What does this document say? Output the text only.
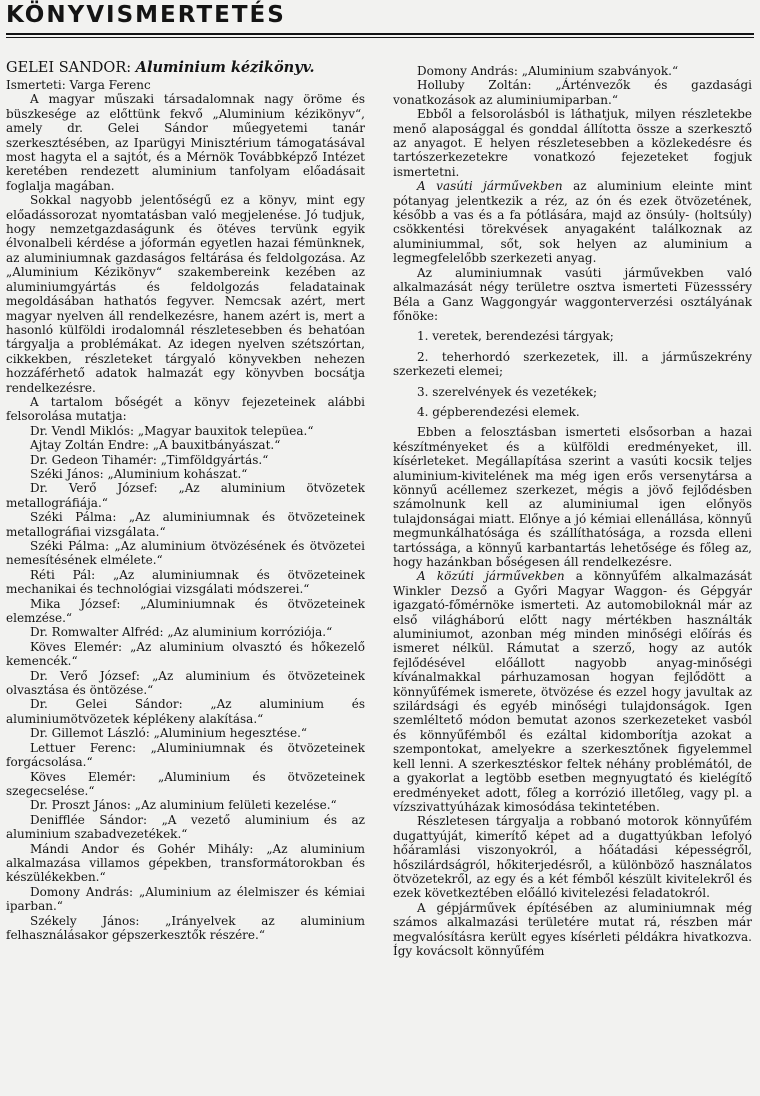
KÖNYVISMERTETÉS

GELEI SÁNDOR: Aluminium kézikönyv.

Ismerteti: Varga Ferenc

A magyar műszaki társadalomnak nagy öröme és büszkesége az előttünk fekvő „Aluminium kézikönyv“, amely dr. Gelei Sándor műegyetemi tanár szerkesztésében, az Iparügyi Minisztérium támogatásával most hagyta el a sajtót, és a Mérnök Továbbképző Intézet keretében rendezett aluminium tanfolyam előadásait foglalja magában.

Sokkal nagyobb jelentőségű ez a könyv, mint egy előadássorozat nyomtatásban való megjelenése. Jó tudjuk, hogy nemzetgazdaságunk és ötéves tervünk egyik élvonalbeli kérdése a jóformán egyetlen hazai fémünknek, az aluminiumnak gazdaságos feltárása és feldolgozása. Az „Aluminium Kézikönyv“ szakembereink kezében az aluminiumgyártás és feldolgozás feladatainak megoldásában hathatós fegyver. Nemcsak azért, mert magyar nyelven áll rendelkezésre, hanem azért is, mert a hasonló külföldi irodalomnál részletesebben és behatóan tárgyalja a problémákat. Az idegen nyelven szétszórtan, cikkekben, részleteket tárgyaló könyvekben nehezen hozzáférhető adatok halmazát egy könyvben bocsátja rendelkezésre.

A tartalom bőségét a könyv fejezeteinek alábbi felsorolása mutatja:

Dr. Vendl Miklós: „Magyar bauxitok telepüea.“

Ajtay Zoltán Endre: „A bauxitbányászat.“

Dr. Gedeon Tihamér: „Timföldgyártás.“

Széki János: „Aluminium kohászat.“

Dr. Verő József: „Az aluminium ötvözetek metallográfiája.“

Széki Pálma: „Az aluminiumnak és ötvözeteinek metallográfiai vizsgálata.“

Széki Pálma: „Az aluminium ötvözésének és ötvözetei nemesítésének elmélete.“

Réti Pál: „Az aluminiumnak és ötvözeteinek mechanikai és technológiai vizsgálati módszerei.“

Mika József: „Aluminiumnak és ötvözeteinek elemzése.“

Dr. Romwalter Alfréd: „Az aluminium korróziója.“

Köves Elemér: „Az aluminium olvasztó és hőkezelő kemencék.“

Dr. Verő József: „Az aluminium és ötvözeteinek olvasztása és öntözése.“

Dr. Gelei Sándor: „Az aluminium és aluminiumötvözetek képlékeny alakítása.“

Dr. Gillemot László: „Aluminium hegesztése.“

Lettuer Ferenc: „Aluminiumnak és ötvözeteinek forgácsolása.“

Köves Elemér: „Aluminium és ötvözeteinek szegecselése.“

Dr. Proszt János: „Az aluminium felületi kezelése.“

Denifflée Sándor: „A vezető aluminium és az aluminium szabadvezetékek.“

Mándi Andor és Gohér Mihály: „Az aluminium alkalmazása villamos gépekben, transformátorokban és készülékekben.“

Domony András: „Aluminium az élelmiszer és kémiai iparban.“

Székely János: „Irányelvek az aluminium felhasználásakor gépszerkesztők részére.“

Domony András: „Aluminium szabványok.“

Holluby Zoltán: „Árténvezők és gazdasági vonatkozások az aluminiumiparban.“

Ebből a felsorolásból is láthatjuk, milyen részletekbe menő alaposággal és gonddal állította össze a szerkesztő az anyagot. E helyen részletesebben a közlekedésre és tartószerkezetekre vonatkozó fejezeteket fogjuk ismertetni.

A vasúti járművekben az aluminium eleinte mint pótanyag jelentkezik a réz, az ón és ezek ötvözetének, később a vas és a fa pótlására, majd az önsúly- (holtsúly) csökkentési törekvések anyagaként találkoznak az aluminiummal, sőt, sok helyen az aluminium a legmegfelelőbb szerkezeti anyag.

Az aluminiumnak vasúti járművekben való alkalmazását négy területre osztva ismerteti Füzessséry Béla a Ganz Waggongyár waggonterverzési osztályának főnöke:

1. veretek, berendezési tárgyak;

2. teherhordó szerkezetek, ill. a járműszekrény szerkezeti elemei;

3. szerelvények és vezetékek;

4. gépberendezési elemek.

Ebben a felosztásban ismerteti elsősorban a hazai készítményeket és a külföldi eredményeket, ill. kísérleteket. Megállapítása szerint a vasúti kocsik teljes aluminium-kivitelének ma még igen erős versenytársa a könnyű acéllemez szerkezet, mégis a jövő fejlődésben számolnunk kell az aluminiumal igen előnyös tulajdonságai miatt. Előnye a jó kémiai ellenállása, könnyű megmunkálhatósága és szállíthatósága, a rozsda elleni tartóssága, a könnyű karbantartás lehetősége és főleg az, hogy hazánkban bőségesen áll rendelkezésre.

A közúti járművekben a könnyűfém alkalmazását Winkler Dezső a Győri Magyar Waggon- és Gépgyár igazgató-főmérnöke ismerteti. Az automobiloknál már az első világháború előtt nagy mértékben használták aluminiumot, azonban még minden minőségi előírás és ismeret nélkül. Rámutat a szerző, hogy az autók fejlődésével előállott nagyobb anyag-minőségi kívánalmakkal párhuzamosan hogyan fejlődött a könnyűfémek ismerete, ötvözése és ezzel hogy javultak az szilárdsági és egyéb minőségi tulajdonságok. Igen szemléltető módon bemutat azonos szerkezeteket vasból és könnyűfémből és ezáltal kidomborítja azokat a szempontokat, amelyekre a szerkesztőnek figyelemmel kell lenni. A szerkesztéskor feltek néhány problémától, de a gyakorlat a legtöbb esetben megnyugtató és kielégítő eredményeket adott, főleg a korrózió illetőleg, vagy pl. a vízszivattyúházak kimosódása tekintetében.

Részletesen tárgyalja a robbanó motorok könnyűfém dugattyúját, kimerítő képet ad a dugattyúkban lefolyó hőáramlási viszonyokról, a hőátadási képességről, hőszilárdságról, hőkiterjedésről, a különböző használatos ötvözetekről, az egy és a két fémből készült kivitelekről és ezek következtében előálló kivitelezési feladatokról.

A gépjárművek építésében az aluminiumnak még számos alkalmazási területére mutat rá, részben már megvalósításra került egyes kísérleti példákra hivatkozva. Így kovácsolt könnyűfém
